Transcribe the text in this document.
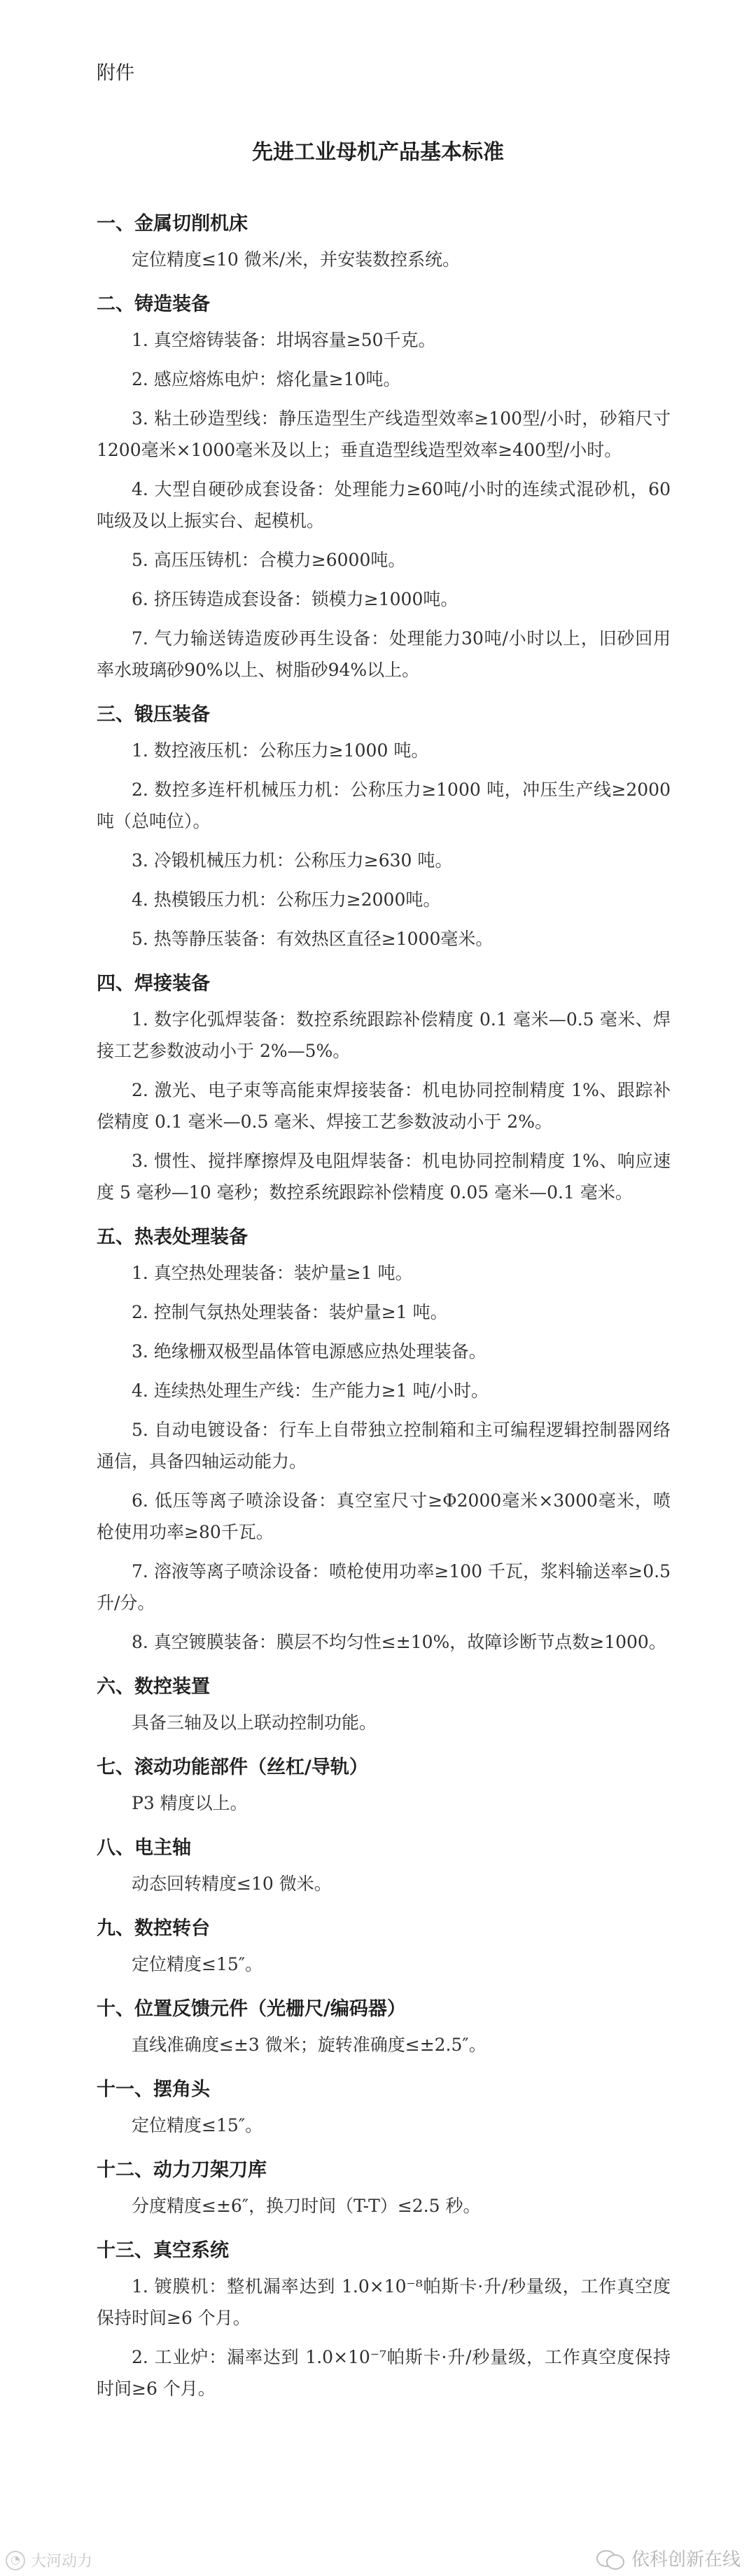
附件
先进工业母机产品基本标准
一、金属切削机床
定位精度≤10 微米/米，并安装数控系统。
二、铸造装备
1. 真空熔铸装备：坩埚容量≥50千克。
2. 感应熔炼电炉：熔化量≥10吨。
3. 粘土砂造型线：静压造型生产线造型效率≥100型/小时，砂箱尺寸1200毫米×1000毫米及以上；垂直造型线造型效率≥400型/小时。
4. 大型自硬砂成套设备：处理能力≥60吨/小时的连续式混砂机，60吨级及以上振实台、起模机。
5. 高压压铸机：合模力≥6000吨。
6. 挤压铸造成套设备：锁模力≥1000吨。
7. 气力输送铸造废砂再生设备：处理能力30吨/小时以上，旧砂回用率水玻璃砂90%以上、树脂砂94%以上。
三、锻压装备
1. 数控液压机：公称压力≥1000 吨。
2. 数控多连杆机械压力机：公称压力≥1000 吨，冲压生产线≥2000 吨（总吨位）。
3. 冷锻机械压力机：公称压力≥630 吨。
4. 热模锻压力机：公称压力≥2000吨。
5. 热等静压装备：有效热区直径≥1000毫米。
四、焊接装备
1. 数字化弧焊装备：数控系统跟踪补偿精度 0.1 毫米—0.5 毫米、焊接工艺参数波动小于 2%—5%。
2. 激光、电子束等高能束焊接装备：机电协同控制精度 1%、跟踪补偿精度 0.1 毫米—0.5 毫米、焊接工艺参数波动小于 2%。
3. 惯性、搅拌摩擦焊及电阻焊装备：机电协同控制精度 1%、响应速度 5 毫秒—10 毫秒；数控系统跟踪补偿精度 0.05 毫米—0.1 毫米。
五、热表处理装备
1. 真空热处理装备：装炉量≥1 吨。
2. 控制气氛热处理装备：装炉量≥1 吨。
3. 绝缘栅双极型晶体管电源感应热处理装备。
4. 连续热处理生产线：生产能力≥1 吨/小时。
5. 自动电镀设备：行车上自带独立控制箱和主可编程逻辑控制器网络通信，具备四轴运动能力。
6. 低压等离子喷涂设备：真空室尺寸≥Φ2000毫米×3000毫米，喷枪使用功率≥80千瓦。
7. 溶液等离子喷涂设备：喷枪使用功率≥100 千瓦，浆料输送率≥0.5 升/分。
8. 真空镀膜装备：膜层不均匀性≤±10%，故障诊断节点数≥1000。
六、数控装置
具备三轴及以上联动控制功能。
七、滚动功能部件（丝杠/导轨）
P3 精度以上。
八、电主轴
动态回转精度≤10 微米。
九、数控转台
定位精度≤15″。
十、位置反馈元件（光栅尺/编码器）
直线准确度≤±3 微米；旋转准确度≤±2.5″。
十一、摆角头
定位精度≤15″。
十二、动力刀架刀库
分度精度≤±6″，换刀时间（T-T）≤2.5 秒。
十三、真空系统
1. 镀膜机：整机漏率达到 1.0×10⁻⁸帕斯卡·升/秒量级，工作真空度保持时间≥6 个月。
2. 工业炉：漏率达到 1.0×10⁻⁷帕斯卡·升/秒量级，工作真空度保持时间≥6 个月。
◔ 大河动力	依科创新在线
